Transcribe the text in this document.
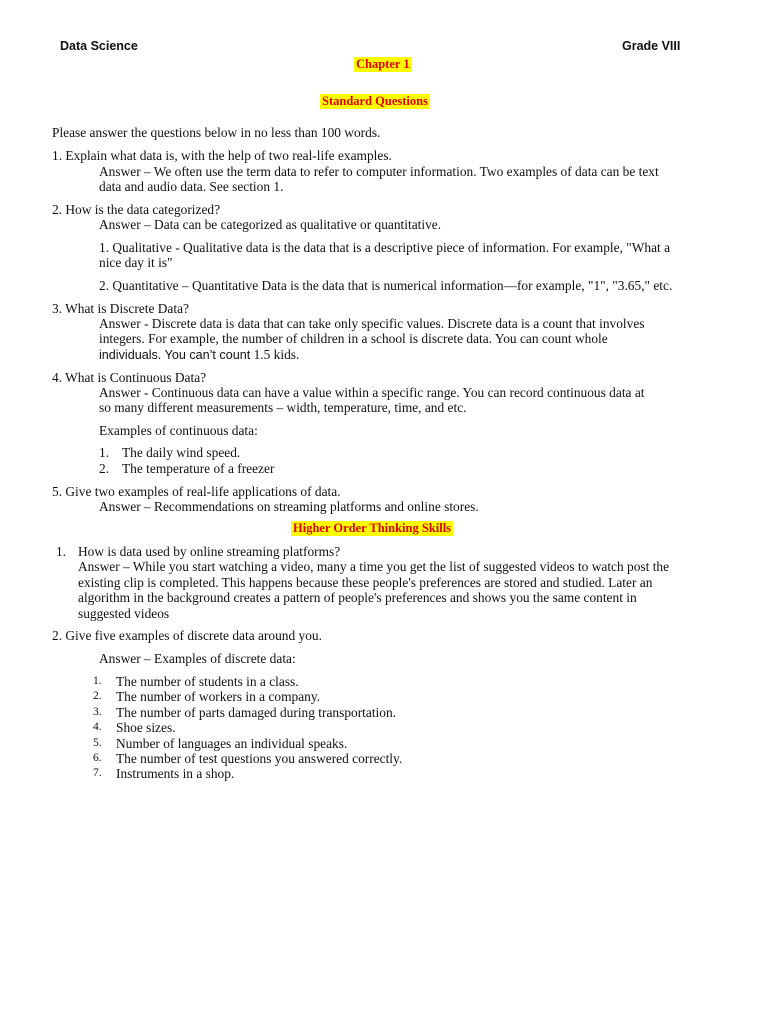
Data Science	Grade VIII
Chapter 1
Standard Questions
Please answer the questions below in no less than 100 words.
1. Explain what data is, with the help of two real-life examples.
Answer – We often use the term data to refer to computer information. Two examples of data can be text
data and audio data. See section 1.
2. How is the data categorized?
Answer – Data can be categorized as qualitative or quantitative.
1. Qualitative - Qualitative data is the data that is a descriptive piece of information. For example, "What a
nice day it is"
2. Quantitative – Quantitative Data is the data that is numerical information—for example, "1", "3.65," etc.
3. What is Discrete Data?
Answer - Discrete data is data that can take only specific values. Discrete data is a count that involves
integers. For example, the number of children in a school is discrete data. You can count whole
individuals. You can’t count 1.5 kids.
4. What is Continuous Data?
Answer - Continuous data can have a value within a specific range. You can record continuous data at
so many different measurements – width, temperature, time, and etc.
Examples of continuous data:
1. The daily wind speed.
2. The temperature of a freezer
5. Give two examples of real-life applications of data.
Answer – Recommendations on streaming platforms and online stores.
Higher Order Thinking Skills
1. How is data used by online streaming platforms?
Answer – While you start watching a video, many a time you get the list of suggested videos to watch post the
existing clip is completed. This happens because these people's preferences are stored and studied. Later an
algorithm in the background creates a pattern of people's preferences and shows you the same content in
suggested videos
2. Give five examples of discrete data around you.
Answer – Examples of discrete data:
1. The number of students in a class.
2. The number of workers in a company.
3. The number of parts damaged during transportation.
4. Shoe sizes.
5. Number of languages an individual speaks.
6. The number of test questions you answered correctly.
7. Instruments in a shop.
